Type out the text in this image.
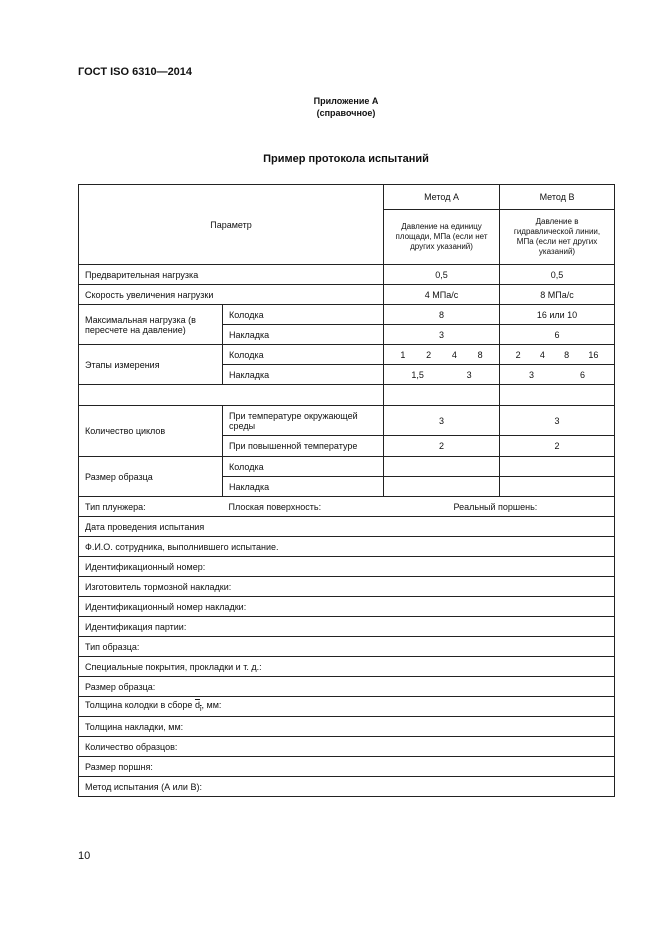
ГОСТ ISO 6310—2014
Приложение А
(справочное)
Пример протокола испытаний
Параметр		Метод А	Метод В
		Давление на единицу площади, МПа (если нет других указаний)	Давление в гидравлической линии, МПа (если нет других указаний)
Предварительная нагрузка		0,5	0,5
Скорость увеличения нагрузки		4 МПа/с	8 МПа/с
Максимальная нагрузка (в пересчете на давление)	Колодка	8	16 или 10
	Накладка	3	6
Этапы измерения	Колодка	1 2 4 8	2 4 8 16

	Накладка	1,5 3	3 6

Количество циклов	При температуре окружающей среды	3	3
	При повышенной температуре	2	2
Размер образца	Колодка		
	Накладка		
Тип плунжера:	Плоская поверхность:	Реальный поршень:	
Дата проведения испытания			
Ф.И.О. сотрудника, выполнившего испытание.			
Идентификационный номер:			
Изготовитель тормозной накладки:			
Идентификационный номер накладки:			
Идентификация партии:			
Тип образца:			
Специальные покрытия, прокладки и т. д.:			
Размер образца:			
Толщина колодки в сборе $d_i$, мм:			
Толщина накладки, мм:			
Количество образцов:			
Размер поршня:			
Метод испытания (А или В):			
10
